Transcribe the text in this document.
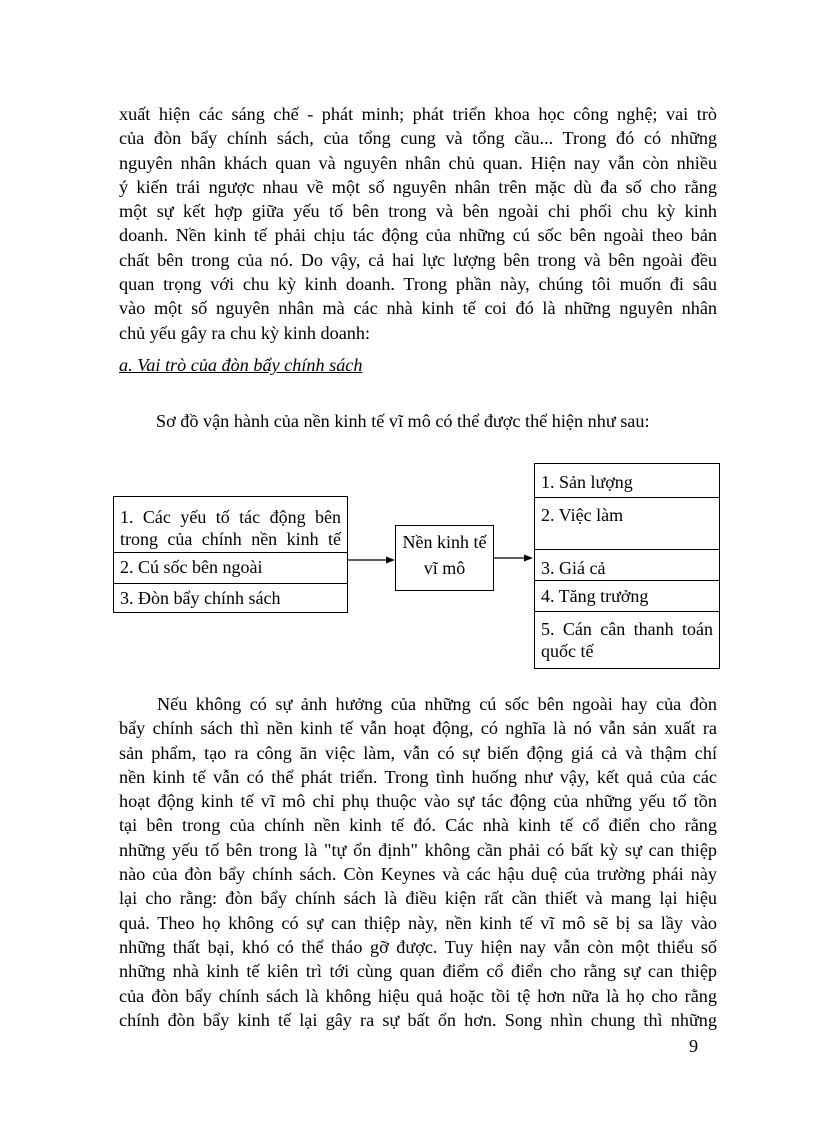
xuất hiện các sáng chế - phát minh; phát triển khoa học công nghệ; vai trò
của đòn bẩy chính sách, của tổng cung và tổng cầu... Trong đó có những
nguyên nhân khách quan và nguyên nhân chủ quan. Hiện nay vẫn còn nhiều
ý kiến trái ngược nhau về một số nguyên nhân trên mặc dù đa số cho rằng
một sự kết hợp giữa yếu tố bên trong và bên ngoài chi phối chu kỳ kinh
doanh. Nền kinh tế phải chịu tác động của những cú sốc bên ngoài theo bản
chất bên trong của nó. Do vậy, cả hai lực lượng bên trong và bên ngoài đều
quan trọng với chu kỳ kinh doanh. Trong phần này, chúng tôi muốn đi sâu
vào một số nguyên nhân mà các nhà kinh tế coi đó là những nguyên nhân
chủ yếu gây ra chu kỳ kinh doanh:

a. Vai trò của đòn bẩy chính sách

Sơ đồ vận hành của nền kinh tế vĩ mô có thể được thể hiện như sau:

1. Các yếu tố tác động bên
trong của chính nền kinh tế
2. Cú sốc bên ngoài
3. Đòn bẩy chính sách
Nền kinh tế
vĩ mô
1. Sản lượng
2. Việc làm
3. Giá cả
4. Tăng trưởng
5. Cán cân thanh toán
quốc tế
Nếu không có sự ảnh hưởng của những cú sốc bên ngoài hay của đòn
bẩy chính sách thì nền kinh tế vẫn hoạt động, có nghĩa là nó vẫn sản xuất ra
sản phẩm, tạo ra công ăn việc làm, vẫn có sự biến động giá cả và thậm chí
nền kinh tế vẫn có thể phát triển. Trong tình huống như vậy, kết quả của các
hoạt động kinh tế vĩ mô chỉ phụ thuộc vào sự tác động của những yếu tố tồn
tại bên trong của chính nền kinh tế đó. Các nhà kinh tế cổ điển cho rằng
những yếu tố bên trong là "tự ổn định" không cần phải có bất kỳ sự can thiệp
nào của đòn bẩy chính sách. Còn Keynes và các hậu duệ của trường phái này
lại cho rằng: đòn bẩy chính sách là điều kiện rất cần thiết và mang lại hiệu
quả. Theo họ không có sự can thiệp này, nền kinh tế vĩ mô sẽ bị sa lầy vào
những thất bại, khó có thể tháo gỡ được. Tuy hiện nay vẫn còn một thiểu số
những nhà kinh tế kiên trì tới cùng quan điểm cổ điển cho rằng sự can thiệp
của đòn bẩy chính sách là không hiệu quả hoặc tồi tệ hơn nữa là họ cho rằng
chính đòn bẩy kinh tế lại gây ra sự bất ổn hơn. Song nhìn chung thì những
9
